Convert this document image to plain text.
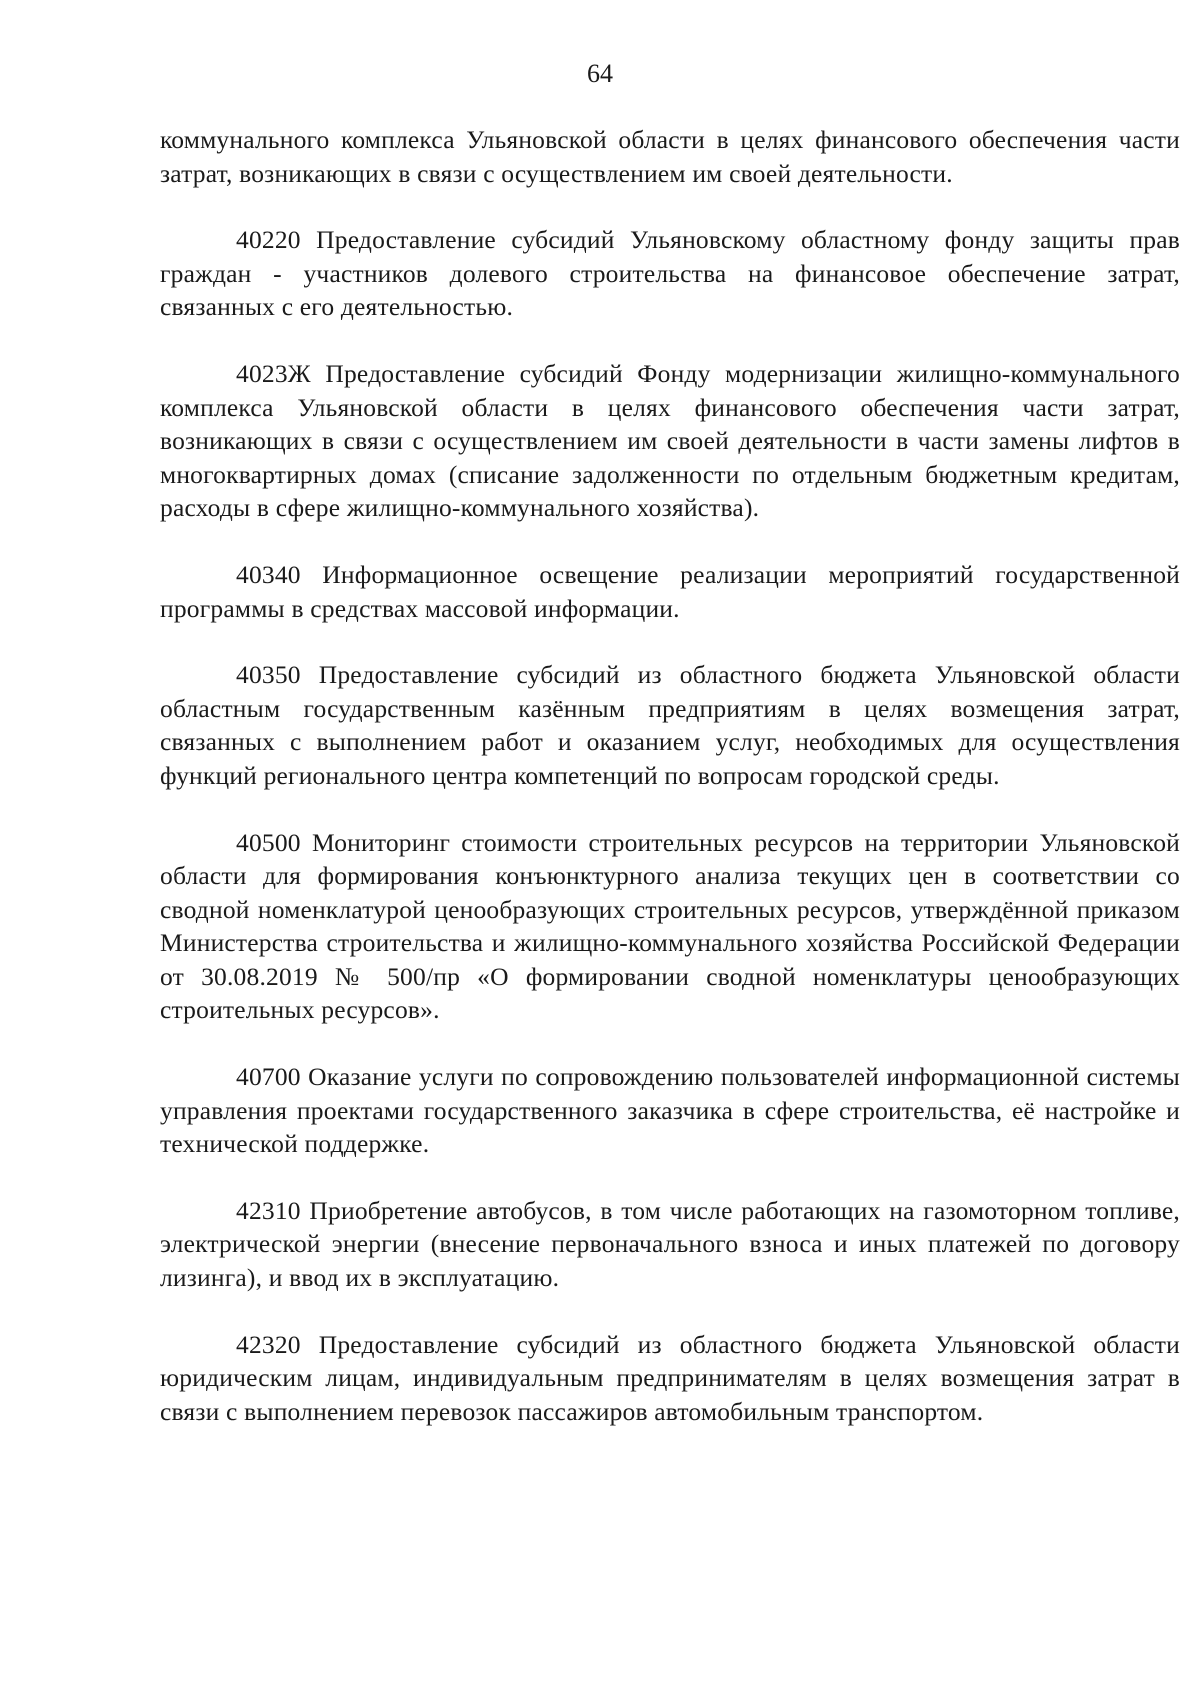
64

коммунального комплекса Ульяновской области в целях финансового обеспечения части затрат, возникающих в связи с осуществлением им своей деятельности.

40220 Предоставление субсидий Ульяновскому областному фонду защиты прав граждан - участников долевого строительства на финансовое обеспечение затрат, связанных с его деятельностью.

4023Ж Предоставление субсидий Фонду модернизации жилищно-коммунального комплекса Ульяновской области в целях финансового обеспечения части затрат, возникающих в связи с осуществлением им своей деятельности в части замены лифтов в многоквартирных домах (списание задолженности по отдельным бюджетным кредитам, расходы в сфере жилищно-коммунального хозяйства).

40340 Информационное освещение реализации мероприятий государственной программы в средствах массовой информации.

40350 Предоставление субсидий из областного бюджета Ульяновской области областным государственным казённым предприятиям в целях возмещения затрат, связанных с выполнением работ и оказанием услуг, необходимых для осуществления функций регионального центра компетенций по вопросам городской среды.

40500 Мониторинг стоимости строительных ресурсов на территории Ульяновской области для формирования конъюнктурного анализа текущих цен в соответствии со сводной номенклатурой ценообразующих строительных ресурсов, утверждённой приказом Министерства строительства и жилищно-коммунального хозяйства Российской Федерации от 30.08.2019 № 500/пр «О формировании сводной номенклатуры ценообразующих строительных ресурсов».

40700 Оказание услуги по сопровождению пользователей информационной системы управления проектами государственного заказчика в сфере строительства, её настройке и технической поддержке.

42310 Приобретение автобусов, в том числе работающих на газомоторном топливе, электрической энергии (внесение первоначального взноса и иных платежей по договору лизинга), и ввод их в эксплуатацию.

42320 Предоставление субсидий из областного бюджета Ульяновской области юридическим лицам, индивидуальным предпринимателям в целях возмещения затрат в связи с выполнением перевозок пассажиров автомобильным транспортом.
